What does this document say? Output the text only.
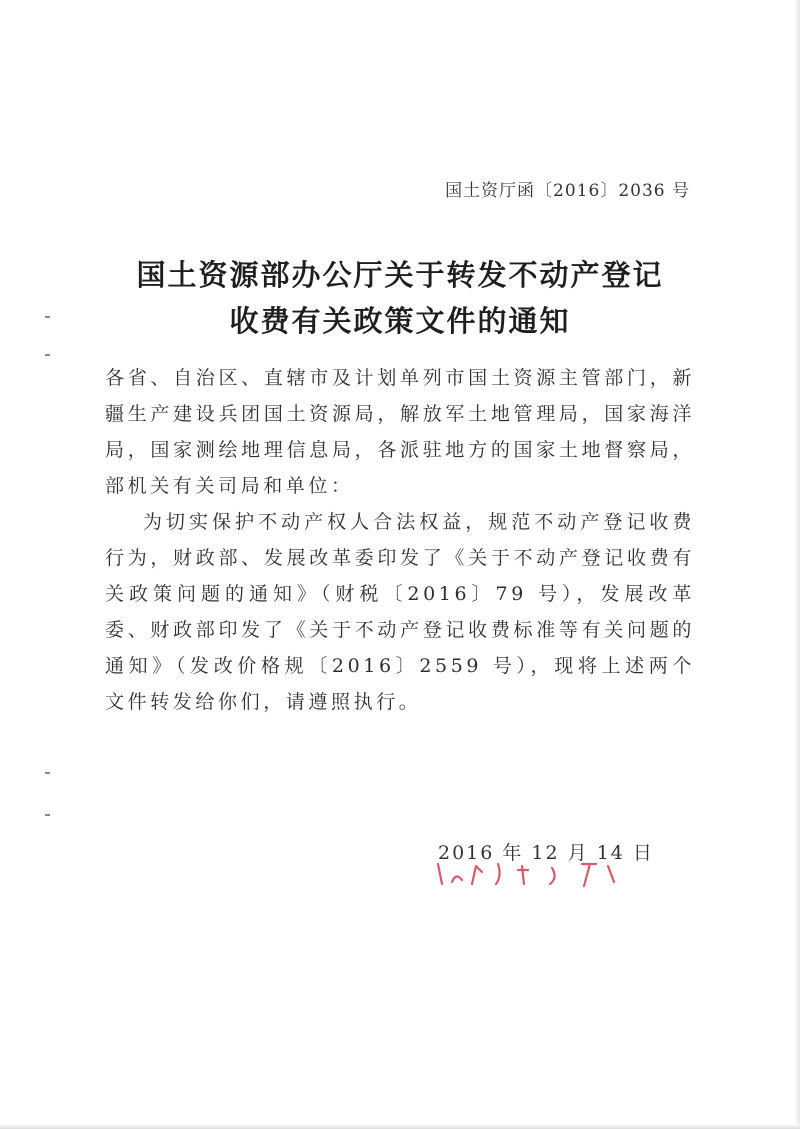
国土资厅函〔2016〕2036 号
国土资源部办公厅关于转发不动产登记
收费有关政策文件的通知

各省、自治区、直辖市及计划单列市国土资源主管部门，新疆生产建设兵团国土资源局，解放军土地管理局，国家海洋局，国家测绘地理信息局，各派驻地方的国家土地督察局，部机关有关司局和单位：

为切实保护不动产权人合法权益，规范不动产登记收费行为，财政部、发展改革委印发了《关于不动产登记收费有关政策问题的通知》（财税〔2016〕79 号），发展改革委、财政部印发了《关于不动产登记收费标准等有关问题的通知》（发改价格规〔2016〕2559 号），现将上述两个文件转发给你们，请遵照执行。

2016 年 12 月 14 日
